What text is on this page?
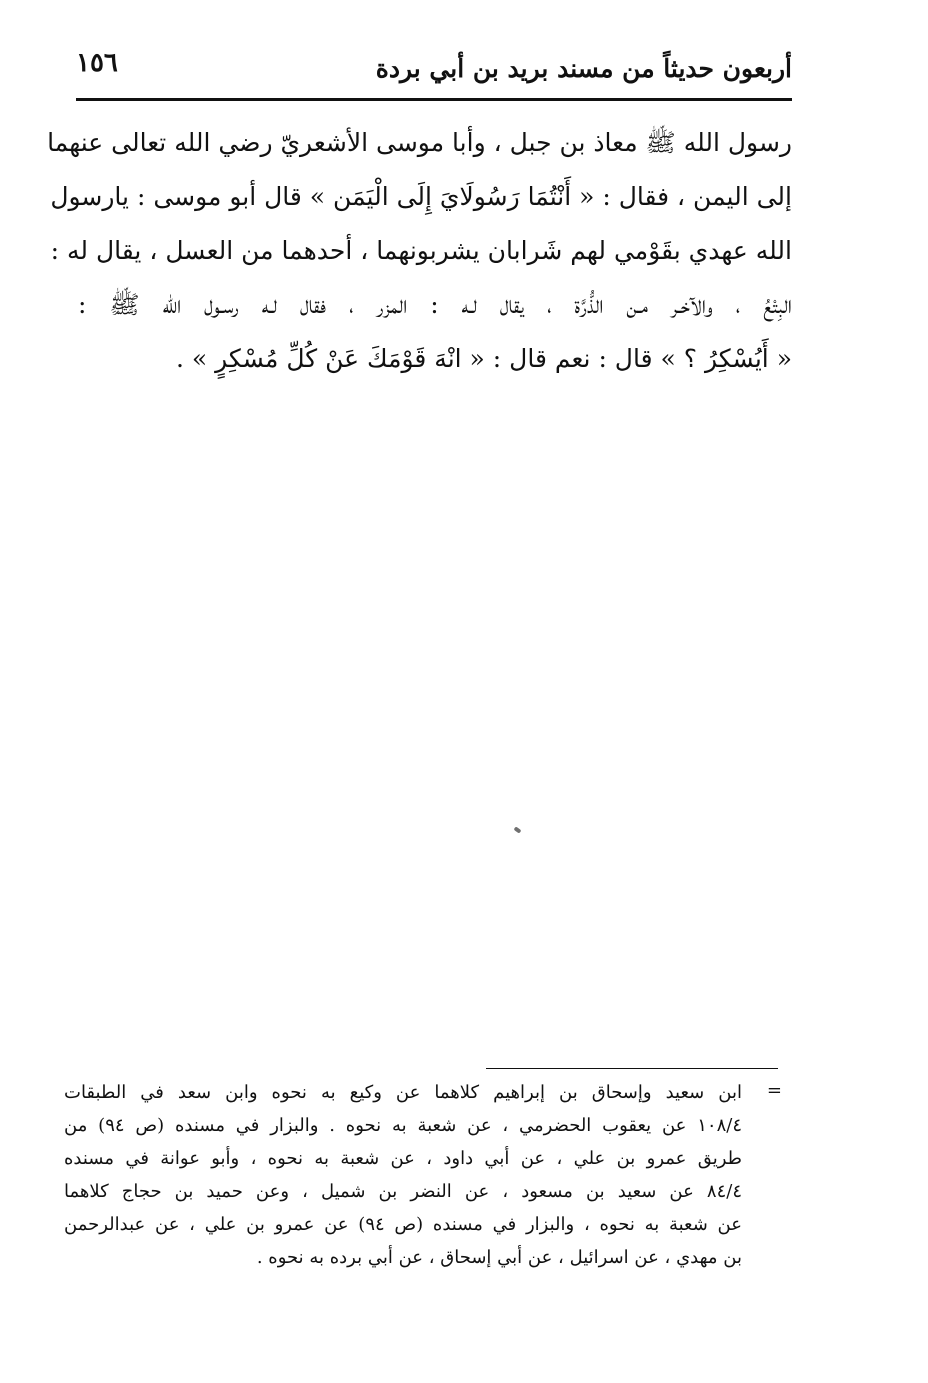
أربعون حديثاً من مسند بريد بن أبي بردة
١٥٦
رسول الله ﷺ معاذ بن جبل ، وأبا موسى الأشعريّ رضي الله تعالى عنهما
إلى اليمن ، فقال : « أَنْتُمَا رَسُولَايَ إِلَى الْيَمَن » قال أبو موسى : يارسول
الله عهدي بقَوْمي لهم شَرابان يشربونهما ، أحدهما من العسل ، يقال له :
البِتْعُ ، والآخـر مـن الذُّرَّة ، يقال لـه : المزر ، فقال لـه رسـول الله ﷺ :
« أَيُسْكِرُ ؟ » قال : نعم قال : « انْهَ قَوْمَكَ عَنْ كُلِّ مُسْكِرٍ » .
=
ابن سعيد وإسحاق بن إبراهيم كلاهما عن وكيع به نحوه وابن سعد في الطبقات
١٠٨/٤ عن يعقوب الحضرمي ، عن شعبة به نحوه . والبزار في مسنده (ص ٩٤) من
طريق عمرو بن علي ، عن أبي داود ، عن شعبة به نحوه ، وأبو عوانة في مسنده
٨٤/٤ عن سعيد بن مسعود ، عن النضر بن شميل ، وعن حميد بن حجاج كلاهما
عن شعبة به نحوه ، والبزار في مسنده (ص ٩٤) عن عمرو بن علي ، عن عبدالرحمن
بن مهدي ، عن اسرائيل ، عن أبي إسحاق ، عن أبي برده به نحوه .
